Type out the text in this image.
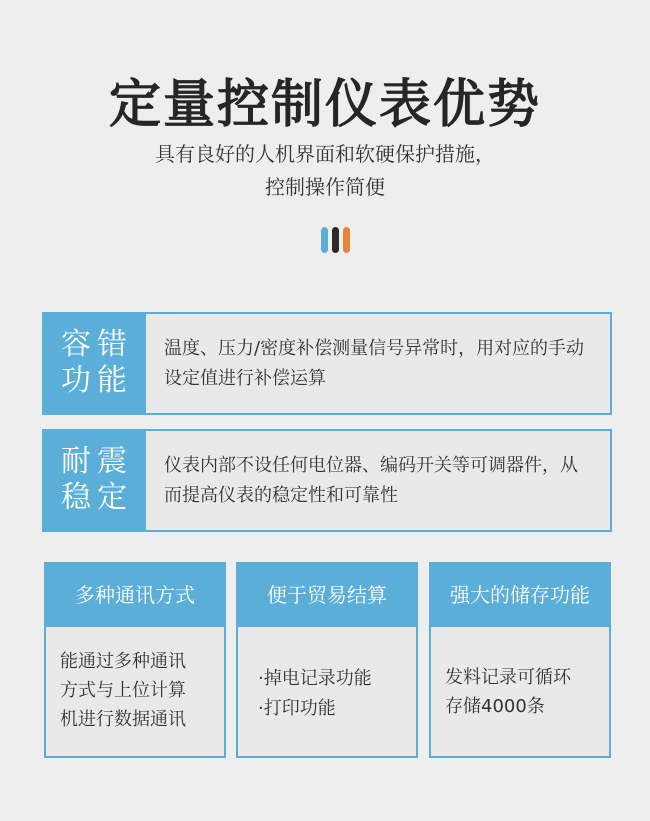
定量控制仪表优势
具有良好的人机界面和软硬保护措施，
控制操作简便
容错
功能
温度、压力/密度补偿测量信号异常时，用对应的手动设定值进行补偿运算
耐震
稳定
仪表内部不设任何电位器、编码开关等可调器件，从而提高仪表的稳定性和可靠性
多种通讯方式
能通过多种通讯
方式与上位计算
机进行数据通讯
便于贸易结算
·掉电记录功能
·打印功能
强大的储存功能
发料记录可循环
存储4000条
